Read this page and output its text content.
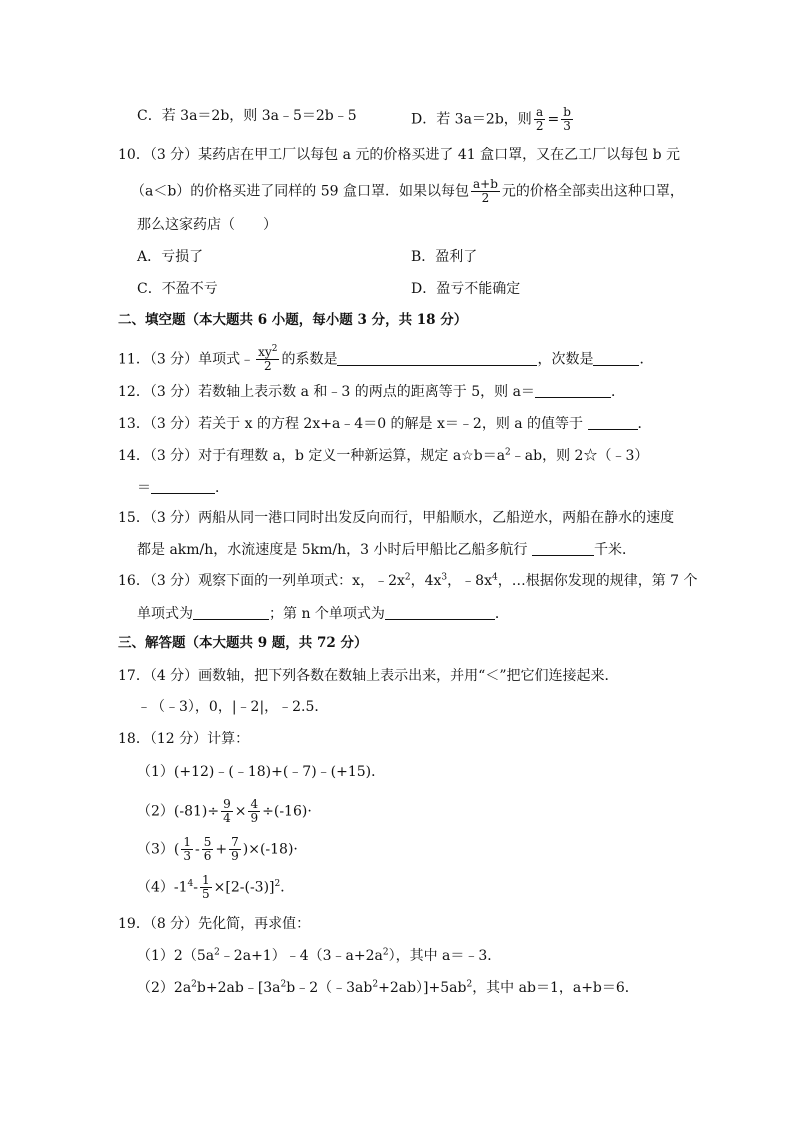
C．若 3a＝2b，则 3a﹣5＝2b﹣5	D．若 3a＝2b，则 $\frac{a}{2} = \frac{b}{3}$
10．（3 分）某药店在甲工厂以每包 a 元的价格买进了 41 盒口罩，又在乙工厂以每包 b 元
（a＜b）的价格买进了同样的 59 盒口罩．如果以每包 $\frac{a+b}{2}$ 元的价格全部卖出这种口罩，
那么这家药店（　　）
A．亏损了	B．盈利了
C．不盈不亏	D．盈亏不能确定
二、填空题（本大题共 6 小题，每小题 3 分，共 18 分）
11．（3 分）单项式﹣ $\frac{xy^2}{2}$ 的系数是	，次数是	．
12．（3 分）若数轴上表示数 a 和﹣3 的两点的距离等于 5，则 a＝	．
13．（3 分）若关于 x 的方程 2x+a﹣4＝0 的解是 x＝﹣2，则 a 的值等于	．
14．（3 分）对于有理数 a，b 定义一种新运算，规定 $a☆b=a^2﹣ab$，则 2☆（﹣3）
＝	．
15．（3 分）两船从同一港口同时出发反向而行，甲船顺水，乙船逆水，两船在静水的速度
都是 akm/h，水流速度是 5km/h，3 小时后甲船比乙船多航行	千米．
16．（3 分）观察下面的一列单项式：x，$﹣2x^2$，$4x^3$，$﹣8x^4$，…根据你发现的规律，第 7 个
单项式为	；第 n 个单项式为	．
三、解答题（本大题共 9 题，共 72 分）
17．（4 分）画数轴，把下列各数在数轴上表示出来，并用“＜”把它们连接起来．
﹣（﹣3），0，|﹣2|，﹣2.5．
18．（12 分）计算：
（1）(+12)﹣(﹣18)+(﹣7)﹣(+15)．
$(2)(-81)\div \frac{9}{4} \times \frac{4}{9} \div(-16)\cdot$
$(3)( \frac{1}{3} - \frac{5}{6} + \frac{7}{9} )\times(-18)\cdot$
$(4)-1^4- \frac{1}{5} \times[2-(-3)]^2$．
19．（8 分）先化简，再求值：
$(1)2(5a^2﹣2a+1)﹣4(3﹣a+2a^2)$，其中 a＝﹣3．
$(2)2a^2b+2ab﹣[3a^2b﹣2(﹣3ab^2+2ab)]+5ab^2$，其中 ab＝1，a+b＝6．
